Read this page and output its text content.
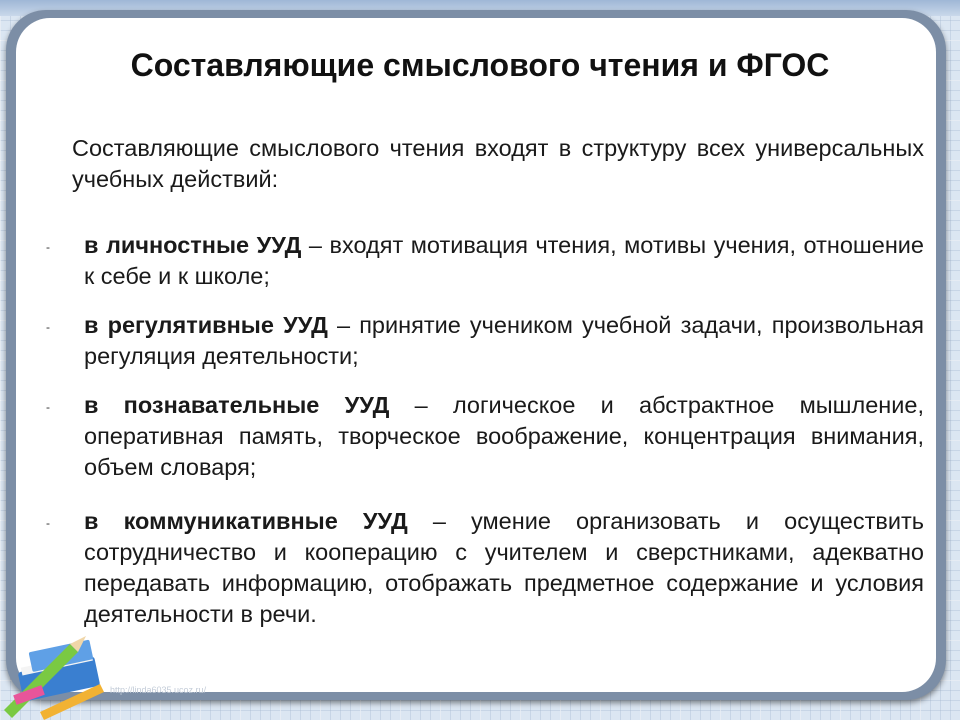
Составляющие смыслового чтения и ФГОС
Составляющие смыслового чтения входят в структуру всех универсальных учебных действий:
- в личностные УУД – входят мотивация чтения, мотивы учения, отношение к себе и к школе;
- в регулятивные УУД – принятие учеником учебной задачи, произвольная регуляция деятельности;
- в познавательные УУД – логическое и абстрактное мышление, оперативная память, творческое воображение, концентрация внимания, объем словаря;
- в коммуникативные УУД – умение организовать и осуществить сотрудничество и кооперацию с учителем и сверстниками, адекватно передавать информацию, отображать предметное содержание и условия деятельности в речи.
http://linda6035.ucoz.ru/
